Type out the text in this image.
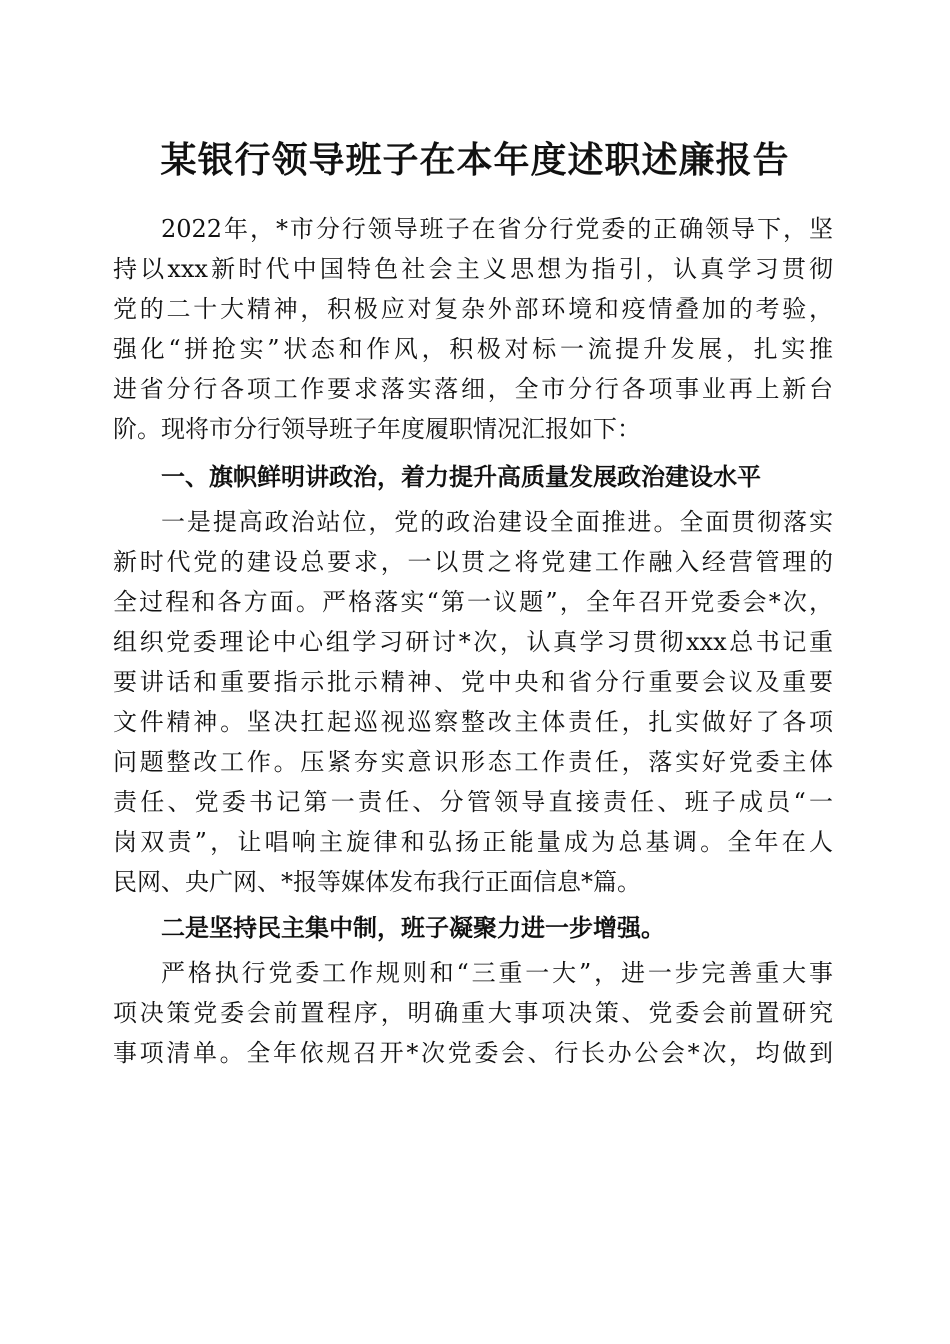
某银行领导班子在本年度述职述廉报告

2022年，*市分行领导班子在省分行党委的正确领导下，坚

持以xxx新时代中国特色社会主义思想为指引，认真学习贯彻

党的二十大精神，积极应对复杂外部环境和疫情叠加的考验，

强化“拼抢实”状态和作风，积极对标一流提升发展，扎实推

进省分行各项工作要求落实落细，全市分行各项事业再上新台

阶。现将市分行领导班子年度履职情况汇报如下：

一、旗帜鲜明讲政治，着力提升高质量发展政治建设水平

一是提高政治站位，党的政治建设全面推进。全面贯彻落实

新时代党的建设总要求，一以贯之将党建工作融入经营管理的

全过程和各方面。严格落实“第一议题”，全年召开党委会*次，

组织党委理论中心组学习研讨*次，认真学习贯彻xxx总书记重

要讲话和重要指示批示精神、党中央和省分行重要会议及重要

文件精神。坚决扛起巡视巡察整改主体责任，扎实做好了各项

问题整改工作。压紧夯实意识形态工作责任，落实好党委主体

责任、党委书记第一责任、分管领导直接责任、班子成员“一

岗双责”，让唱响主旋律和弘扬正能量成为总基调。全年在人

民网、央广网、*报等媒体发布我行正面信息*篇。

二是坚持民主集中制，班子凝聚力进一步增强。

严格执行党委工作规则和“三重一大”，进一步完善重大事

项决策党委会前置程序，明确重大事项决策、党委会前置研究

事项清单。全年依规召开*次党委会、行长办公会*次，均做到
